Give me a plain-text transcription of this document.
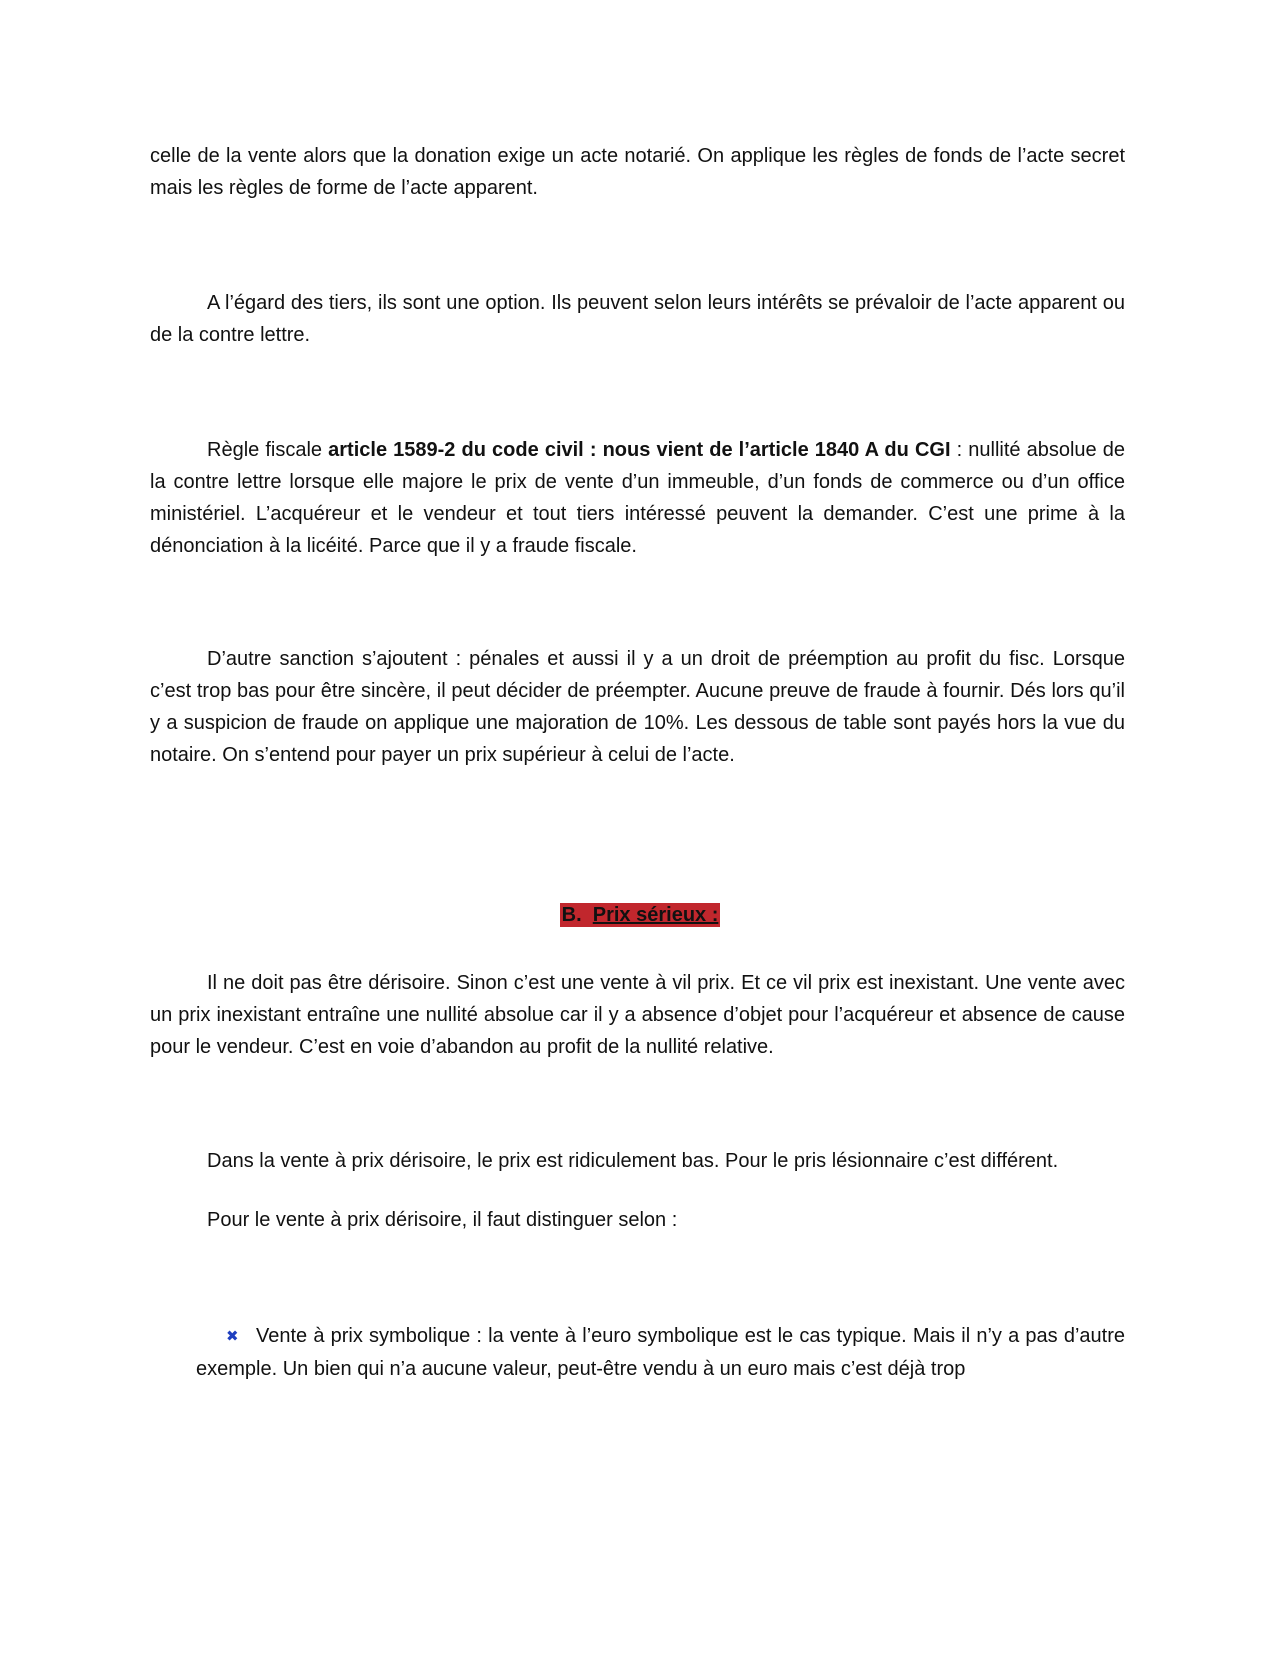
celle de la vente alors que la donation exige un acte notarié. On applique les règles de fonds de l’acte secret mais les règles de forme de l’acte apparent.

A l’égard des tiers, ils sont une option. Ils peuvent selon leurs intérêts se prévaloir de l’acte apparent ou de la contre lettre.

Règle fiscale article 1589-2 du code civil : nous vient de l’article 1840 A du CGI : nullité absolue de la contre lettre lorsque elle majore le prix de vente d’un immeuble, d’un fonds de commerce ou d’un office ministériel. L’acquéreur et le vendeur et tout tiers intéressé peuvent la demander. C’est une prime à la dénonciation à la licéité. Parce que il y a fraude fiscale.

D’autre sanction s’ajoutent : pénales et aussi il y a un droit de préemption au profit du fisc. Lorsque c’est trop bas pour être sincère, il peut décider de préempter. Aucune preuve de fraude à fournir. Dés lors qu’il y a suspicion de fraude on applique une majoration de 10%. Les dessous de table sont payés hors la vue du notaire. On s’entend pour payer un prix supérieur à celui de l’acte.

B. Prix sérieux :

Il ne doit pas être dérisoire. Sinon c’est une vente à vil prix. Et ce vil prix est inexistant. Une vente avec un prix inexistant entraîne une nullité absolue car il y a absence d’objet pour l’acquéreur et absence de cause pour le vendeur. C’est en voie d’abandon au profit de la nullité relative.

Dans la vente à prix dérisoire, le prix est ridiculement bas. Pour le pris lésionnaire c’est différent.

Pour le vente à prix dérisoire, il faut distinguer selon :

✖ Vente à prix symbolique : la vente à l’euro symbolique est le cas typique. Mais il n’y a pas d’autre exemple. Un bien qui n’a aucune valeur, peut-être vendu à un euro mais c’est déjà trop
